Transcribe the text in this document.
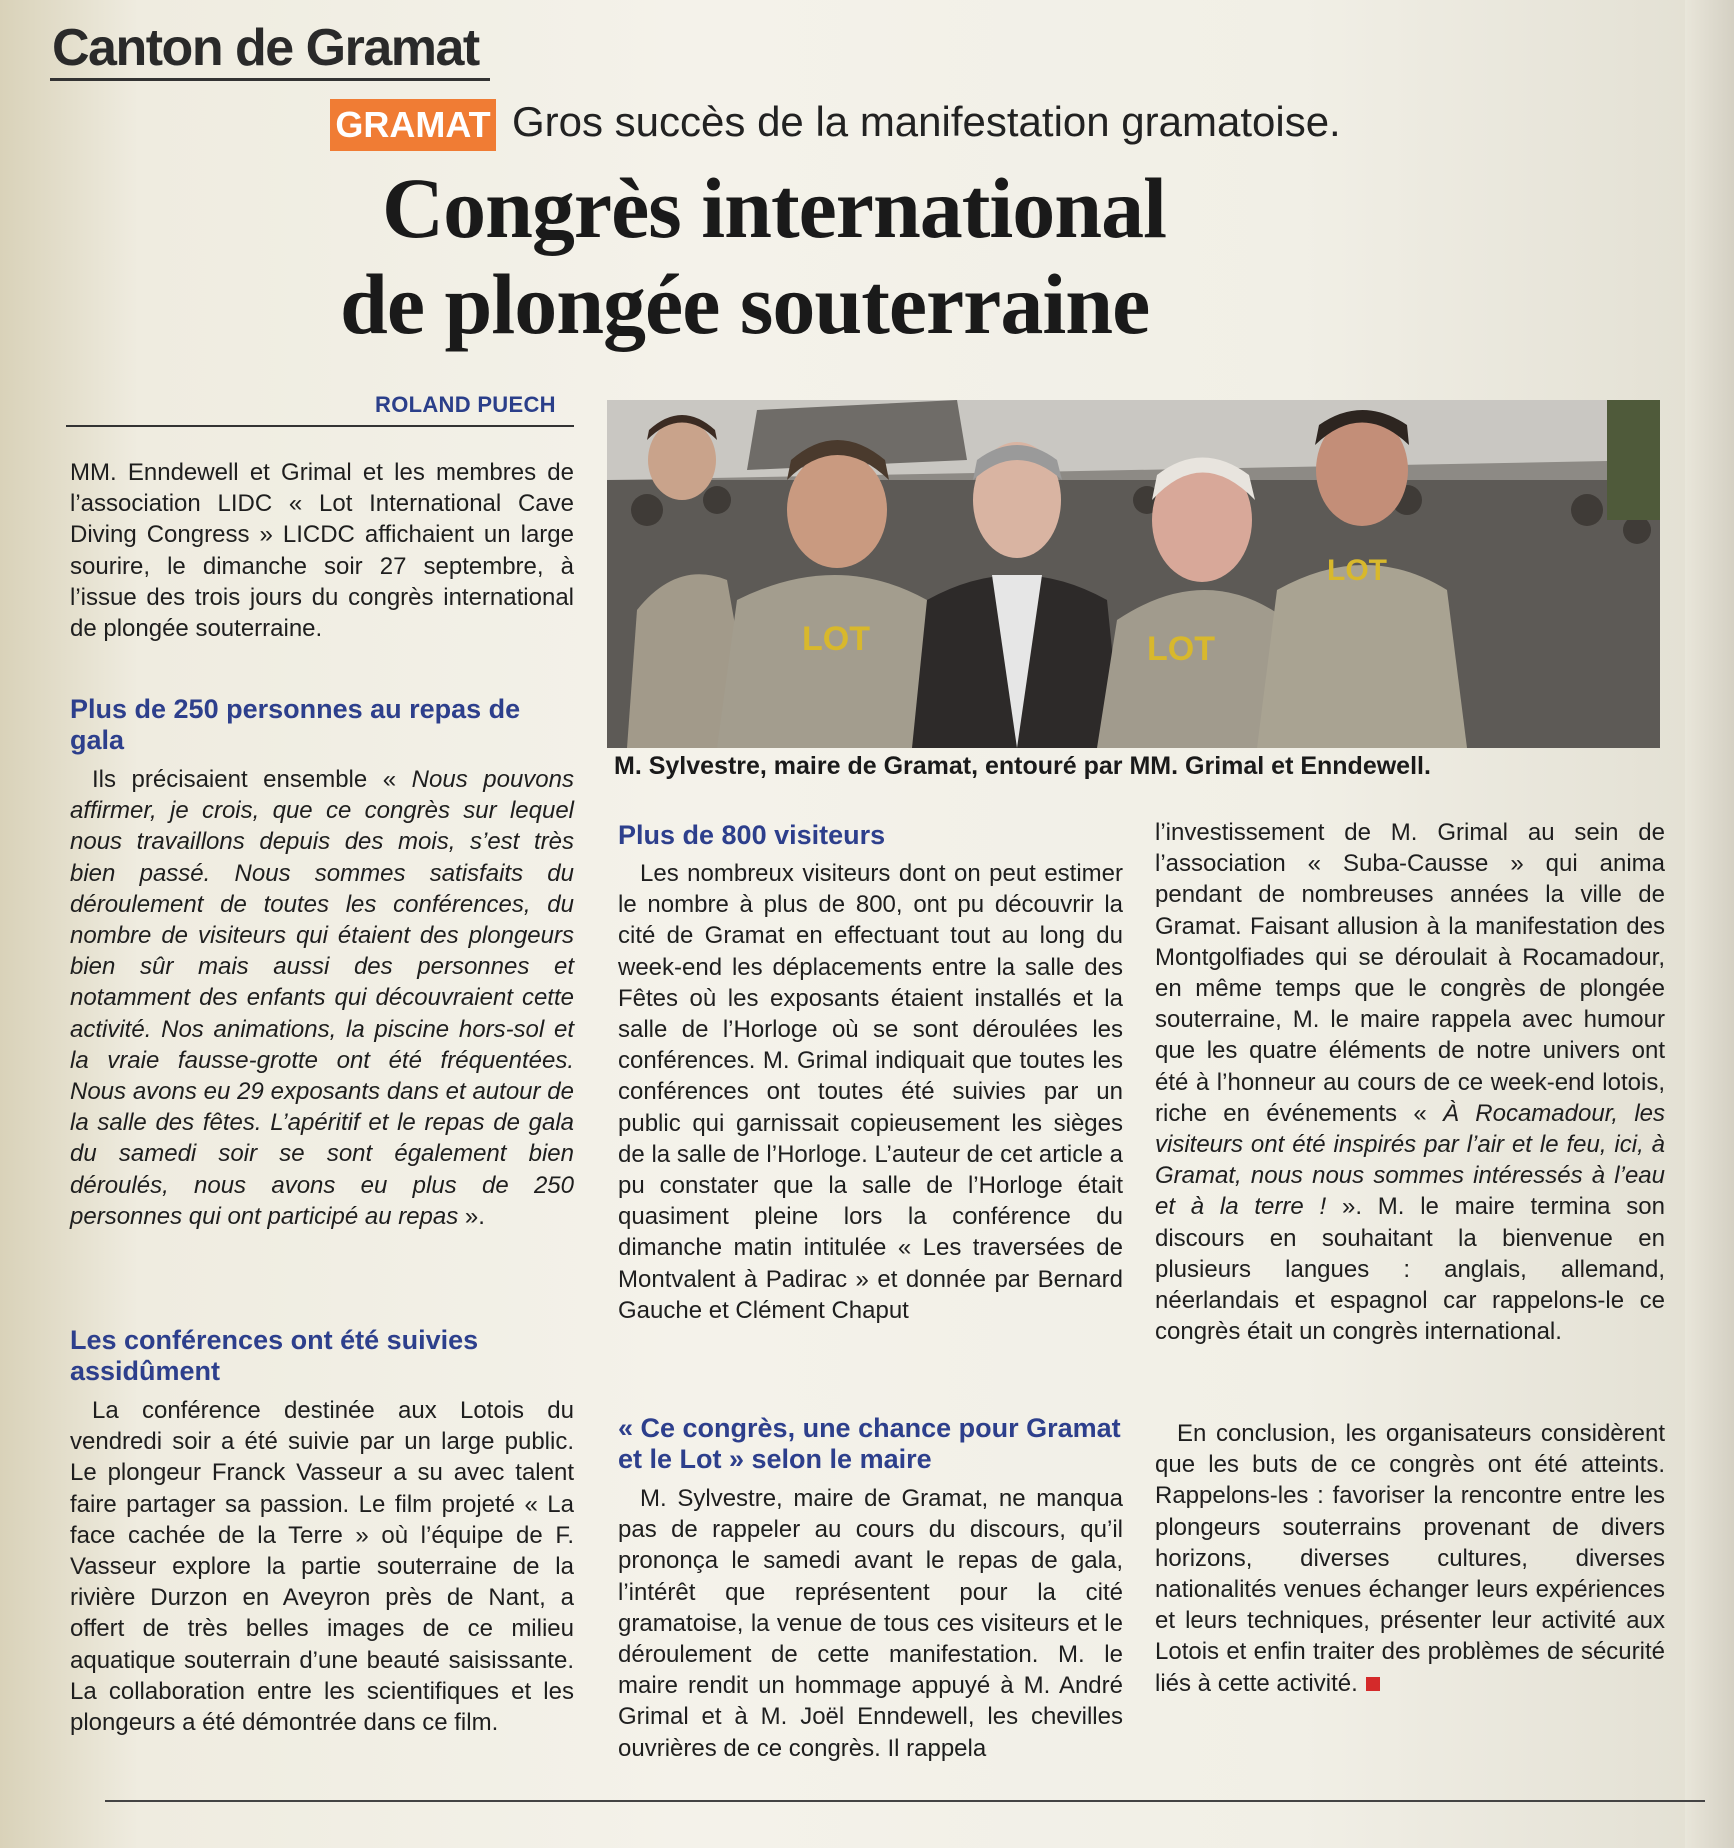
Canton de Gramat
GRAMAT Gros succès de la manifestation gramatoise.
Congrès international
de plongée souterraine
ROLAND PUECH
MM. Enndewell et Grimal et les membres de l’association LIDC « Lot International Cave Diving Congress » LICDC affichaient un large sourire, le dimanche soir 27 septembre, à l’issue des trois jours du congrès international de plongée souterraine.
Plus de 250 personnes au repas de gala
Ils précisaient ensemble « Nous pouvons affirmer, je crois, que ce congrès sur lequel nous travaillons depuis des mois, s’est très bien passé. Nous sommes satisfaits du déroulement de toutes les conférences, du nombre de visiteurs qui étaient des plongeurs bien sûr mais aussi des personnes et notamment des enfants qui découvraient cette activité. Nos animations, la piscine hors-sol et la vraie fausse-grotte ont été fréquentées. Nous avons eu 29 exposants dans et autour de la salle des fêtes. L’apéritif et le repas de gala du samedi soir se sont également bien déroulés, nous avons eu plus de 250 personnes qui ont participé au repas ».
Les conférences ont été suivies assidûment
La conférence destinée aux Lotois du vendredi soir a été suivie par un large public. Le plongeur Franck Vasseur a su avec talent faire partager sa passion. Le film projeté « La face cachée de la Terre » où l’équipe de F. Vasseur explore la partie souterraine de la rivière Durzon en Aveyron près de Nant, a offert de très belles images de ce milieu aquatique souterrain d’une beauté saisissante. La collaboration entre les scientifiques et les plongeurs a été démontrée dans ce film.
LOT	LOT
LOT
M. Sylvestre, maire de Gramat, entouré par MM. Grimal et Enndewell.
Plus de 800 visiteurs
Les nombreux visiteurs dont on peut estimer le nombre à plus de 800, ont pu découvrir la cité de Gramat en effectuant tout au long du week-end les déplacements entre la salle des Fêtes où les exposants étaient installés et la salle de l’Horloge où se sont déroulées les conférences. M. Grimal indiquait que toutes les conférences ont toutes été suivies par un public qui garnissait copieusement les sièges de la salle de l’Horloge. L’auteur de cet article a pu constater que la salle de l’Horloge était quasiment pleine lors la conférence du dimanche matin intitulée « Les traversées de Montvalent à Padirac » et donnée par Bernard Gauche et Clément Chaput
« Ce congrès, une chance pour Gramat et le Lot » selon le maire
M. Sylvestre, maire de Gramat, ne manqua pas de rappeler au cours du discours, qu’il prononça le samedi avant le repas de gala, l’intérêt que représentent pour la cité gramatoise, la venue de tous ces visiteurs et le déroulement de cette manifestation. M. le maire rendit un hommage appuyé à M. André Grimal et à M. Joël Enndewell, les chevilles ouvrières de ce congrès. Il rappela
l’investissement de M. Grimal au sein de l’association « Suba-Causse » qui anima pendant de nombreuses années la ville de Gramat. Faisant allusion à la manifestation des Montgolfiades qui se déroulait à Rocamadour, en même temps que le congrès de plongée souterraine, M. le maire rappela avec humour que les quatre éléments de notre univers ont été à l’honneur au cours de ce week-end lotois, riche en événements « À Rocamadour, les visiteurs ont été inspirés par l’air et le feu, ici, à Gramat, nous nous sommes intéressés à l’eau et à la terre ! ». M. le maire termina son discours en souhaitant la bienvenue en plusieurs langues : anglais, allemand, néerlandais et espagnol car rappelons-le ce congrès était un congrès international.
En conclusion, les organisateurs considèrent que les buts de ce congrès ont été atteints. Rappelons-les : favoriser la rencontre entre les plongeurs souterrains provenant de divers horizons, diverses cultures, diverses nationalités venues échanger leurs expériences et leurs techniques, présenter leur activité aux Lotois et enfin traiter des problèmes de sécurité liés à cette activité.
